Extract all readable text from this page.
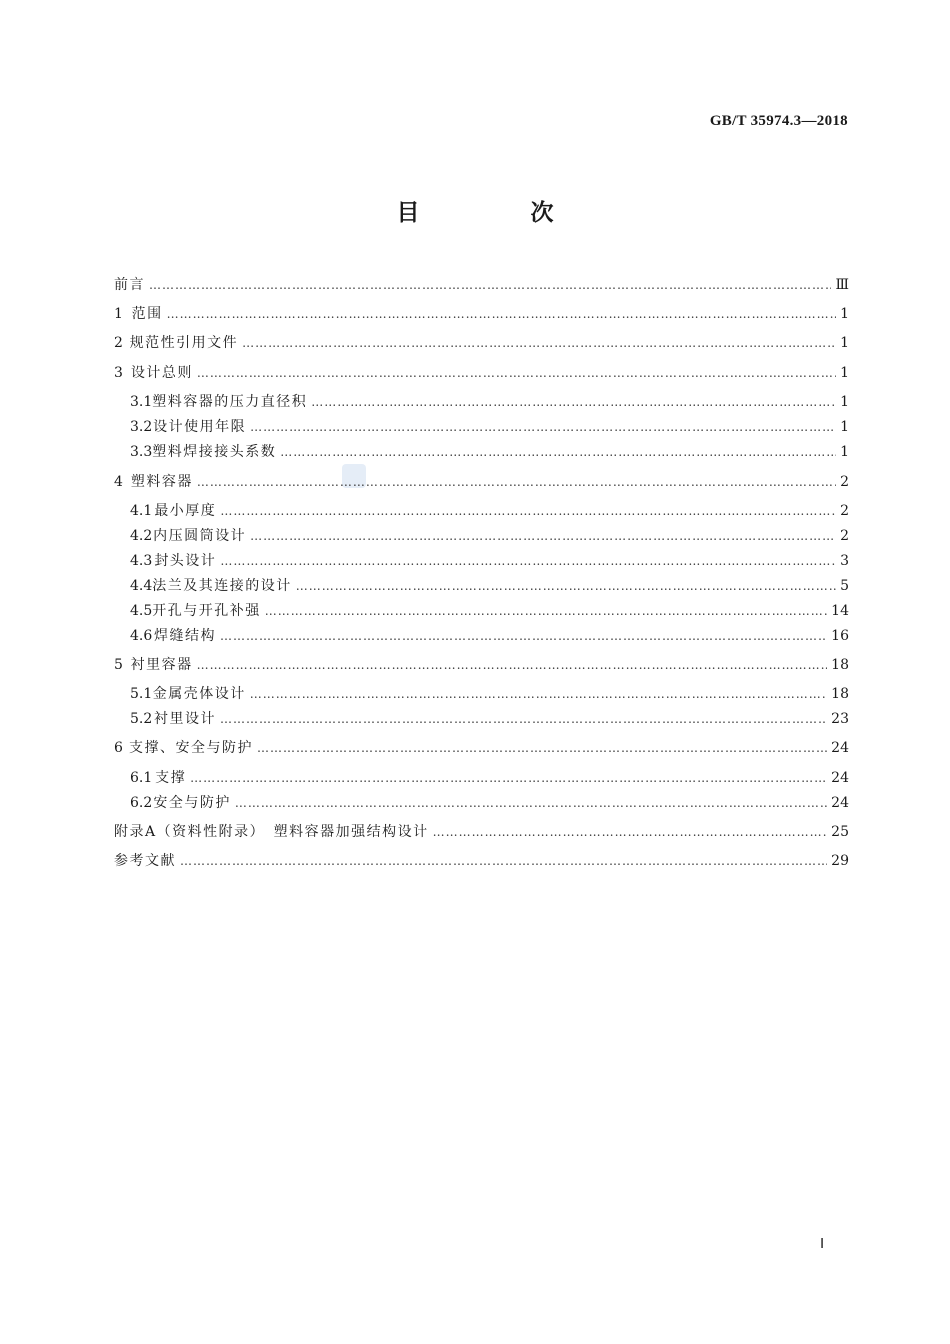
GB/T 35974.3—2018
目　次
前言 …………………………………………………………………………………………………………………………………………………………………………………………………………	Ⅲ
1 范围 …………………………………………………………………………………………………………………………………………………………………………………………………………	1
2 规范性引用文件 …………………………………………………………………………………………………………………………………………………………………………………………………………	1
3 设计总则 …………………………………………………………………………………………………………………………………………………………………………………………………………	1
3.1 塑料容器的压力直径积 …………………………………………………………………………………………………………………………………………………………………………………………………………	1
3.2 设计使用年限 …………………………………………………………………………………………………………………………………………………………………………………………………………	1
3.3 塑料焊接接头系数 …………………………………………………………………………………………………………………………………………………………………………………………………………	1
4 塑料容器 …………………………………………………………………………………………………………………………………………………………………………………………………………	2
4.1 最小厚度 …………………………………………………………………………………………………………………………………………………………………………………………………………	2
4.2 内压圆筒设计 …………………………………………………………………………………………………………………………………………………………………………………………………………	2
4.3 封头设计 …………………………………………………………………………………………………………………………………………………………………………………………………………	3
4.4 法兰及其连接的设计 …………………………………………………………………………………………………………………………………………………………………………………………………………	5
4.5 开孔与开孔补强 …………………………………………………………………………………………………………………………………………………………………………………………………………	14
4.6 焊缝结构 …………………………………………………………………………………………………………………………………………………………………………………………………………	16
5 衬里容器 …………………………………………………………………………………………………………………………………………………………………………………………………………	18
5.1 金属壳体设计 …………………………………………………………………………………………………………………………………………………………………………………………………………	18
5.2 衬里设计 …………………………………………………………………………………………………………………………………………………………………………………………………………	23
6 支撑、安全与防护 …………………………………………………………………………………………………………………………………………………………………………………………………………	24
6.1 支撑 …………………………………………………………………………………………………………………………………………………………………………………………………………	24
6.2 安全与防护 …………………………………………………………………………………………………………………………………………………………………………………………………………	24
附录A（资料性附录）　塑料容器加强结构设计 …………………………………………………………………………………………………………………………………………………………………………………………………………	25
参考文献 …………………………………………………………………………………………………………………………………………………………………………………………………………	29
Ⅰ
